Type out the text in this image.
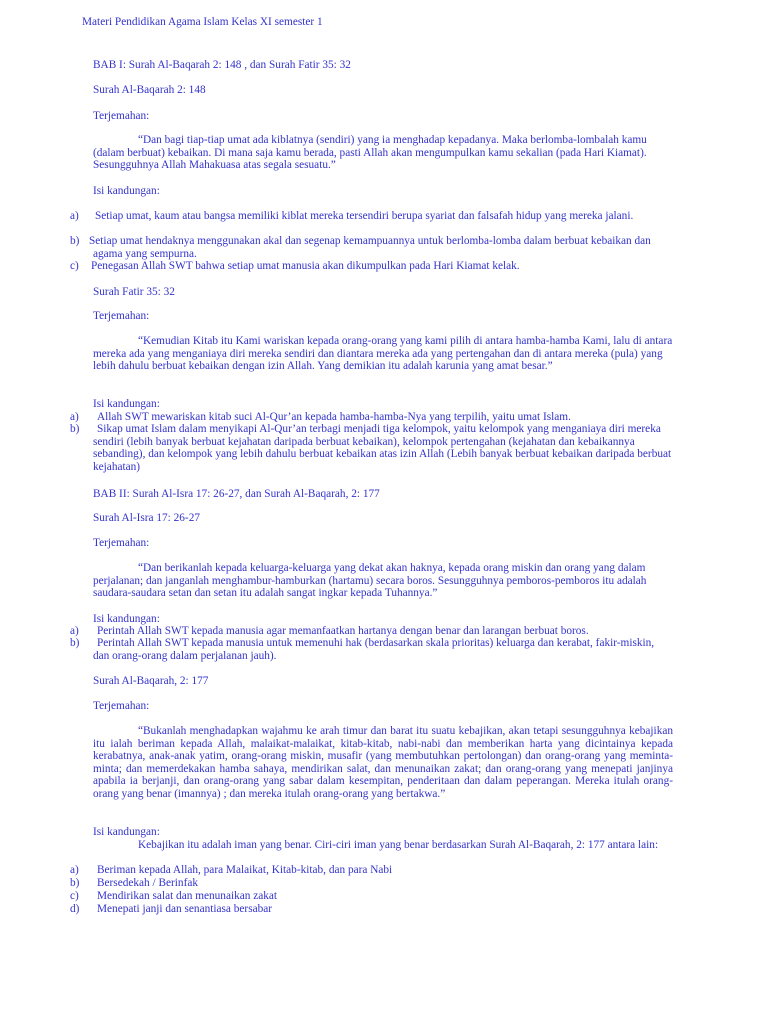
Materi Pendidikan Agama Islam Kelas XI semester 1
BAB I: Surah Al-Baqarah 2: 148 , dan Surah Fatir 35: 32
Surah Al-Baqarah 2: 148
Terjemahan:
“Dan bagi tiap-tiap umat ada kiblatnya (sendiri) yang ia menghadap kepadanya. Maka berlomba-lombalah kamu (dalam berbuat) kebaikan. Di mana saja kamu berada, pasti Allah akan mengumpulkan kamu sekalian (pada Hari Kiamat). Sesungguhnya Allah Mahakuasa atas segala sesuatu.”
Isi kandungan:
a) Setiap umat, kaum atau bangsa memiliki kiblat mereka tersendiri berupa syariat dan falsafah hidup yang mereka jalani.
b) Setiap umat hendaknya menggunakan akal dan segenap kemampuannya untuk berlomba-lomba dalam berbuat kebaikan dan agama yang sempurna.
c) Penegasan Allah SWT bahwa setiap umat manusia akan dikumpulkan pada Hari Kiamat kelak.
Surah Fatir 35: 32
Terjemahan:
“Kemudian Kitab itu Kami wariskan kepada orang-orang yang kami pilih di antara hamba-hamba Kami, lalu di antara mereka ada yang menganiaya diri mereka sendiri dan diantara mereka ada yang pertengahan dan di antara mereka (pula) yang lebih dahulu berbuat kebaikan dengan izin Allah. Yang demikian itu adalah karunia yang amat besar.”
Isi kandungan:
a) Allah SWT mewariskan kitab suci Al-Qur’an kepada hamba-hamba-Nya yang terpilih, yaitu umat Islam.
b)	Sikap umat Islam dalam menyikapi Al-Qur’an terbagi menjadi tiga kelompok, yaitu kelompok yang menganiaya diri mereka sendiri (lebih banyak berbuat kejahatan daripada berbuat kebaikan), kelompok pertengahan (kejahatan dan kebaikannya sebanding), dan kelompok yang lebih dahulu berbuat kebaikan atas izin Allah (Lebih banyak berbuat kebaikan daripada berbuat kejahatan)
BAB II: Surah Al-Isra 17: 26-27, dan Surah Al-Baqarah, 2: 177
Surah Al-Isra 17: 26-27
Terjemahan:
“Dan berikanlah kepada keluarga-keluarga yang dekat akan haknya, kepada orang miskin dan orang yang dalam perjalanan; dan janganlah menghambur-hamburkan (hartamu) secara boros. Sesungguhnya pemboros-pemboros itu adalah saudara-saudara setan dan setan itu adalah sangat ingkar kepada Tuhannya.”
Isi kandungan:
a) Perintah Allah SWT kepada manusia agar memanfaatkan hartanya dengan benar dan larangan berbuat boros.
b)	Perintah Allah SWT kepada manusia untuk memenuhi hak (berdasarkan skala prioritas) keluarga dan kerabat, fakir-miskin, dan orang-orang dalam perjalanan jauh).
Surah Al-Baqarah, 2: 177
Terjemahan:
“Bukanlah menghadapkan wajahmu ke arah timur dan barat itu suatu kebajikan, akan tetapi sesungguhnya kebajikan itu ialah beriman kepada Allah, malaikat-malaikat, kitab-kitab, nabi-nabi dan memberikan harta yang dicintainya kepada kerabatnya, anak-anak yatim, orang-orang miskin, musafir (yang membutuhkan pertolongan) dan orang-orang yang meminta-minta; dan memerdekakan hamba sahaya, mendirikan salat, dan menunaikan zakat; dan orang-orang yang menepati janjinya apabila ia berjanji, dan orang-orang yang sabar dalam kesempitan, penderitaan dan dalam peperangan. Mereka itulah orang-orang yang benar (imannya) ; dan mereka itulah orang-orang yang bertakwa.”
Isi kandungan:
Kebajikan itu adalah iman yang benar. Ciri-ciri iman yang benar berdasarkan Surah Al-Baqarah, 2: 177 antara lain:
a) Beriman kepada Allah, para Malaikat, Kitab-kitab, dan para Nabi
b) Bersedekah / Berinfak
c) Mendirikan salat dan menunaikan zakat
d) Menepati janji dan senantiasa bersabar
